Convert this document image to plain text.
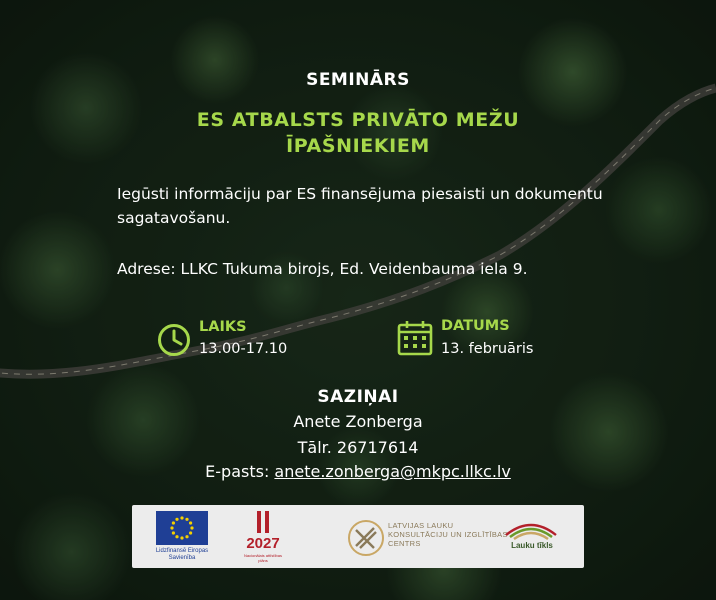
SEMINĀRS
ES ATBALSTS PRIVĀTO MEŽU
ĪPAŠNIEKIEM
Iegūsti informāciju par ES finansējuma piesaisti un dokumentu sagatavošanu.
Adrese: LLKC Tukuma birojs, Ed. Veidenbauma iela 9.
LAIKS
13.00-17.10
DATUMS
13. februāris
SAZIŅAI
Anete Zonberga
Tālr. 26717614
E-pasts: anete.zonberga@mkpc.llkc.lv
Lidzfinansē Eiropas Savienība
2027
Nacionālais attīstības plāns
LATVIJAS LAUKU KONSULTĀCIJU UN IZGLĪTĪBAS CENTRS	Lauku tīkls
